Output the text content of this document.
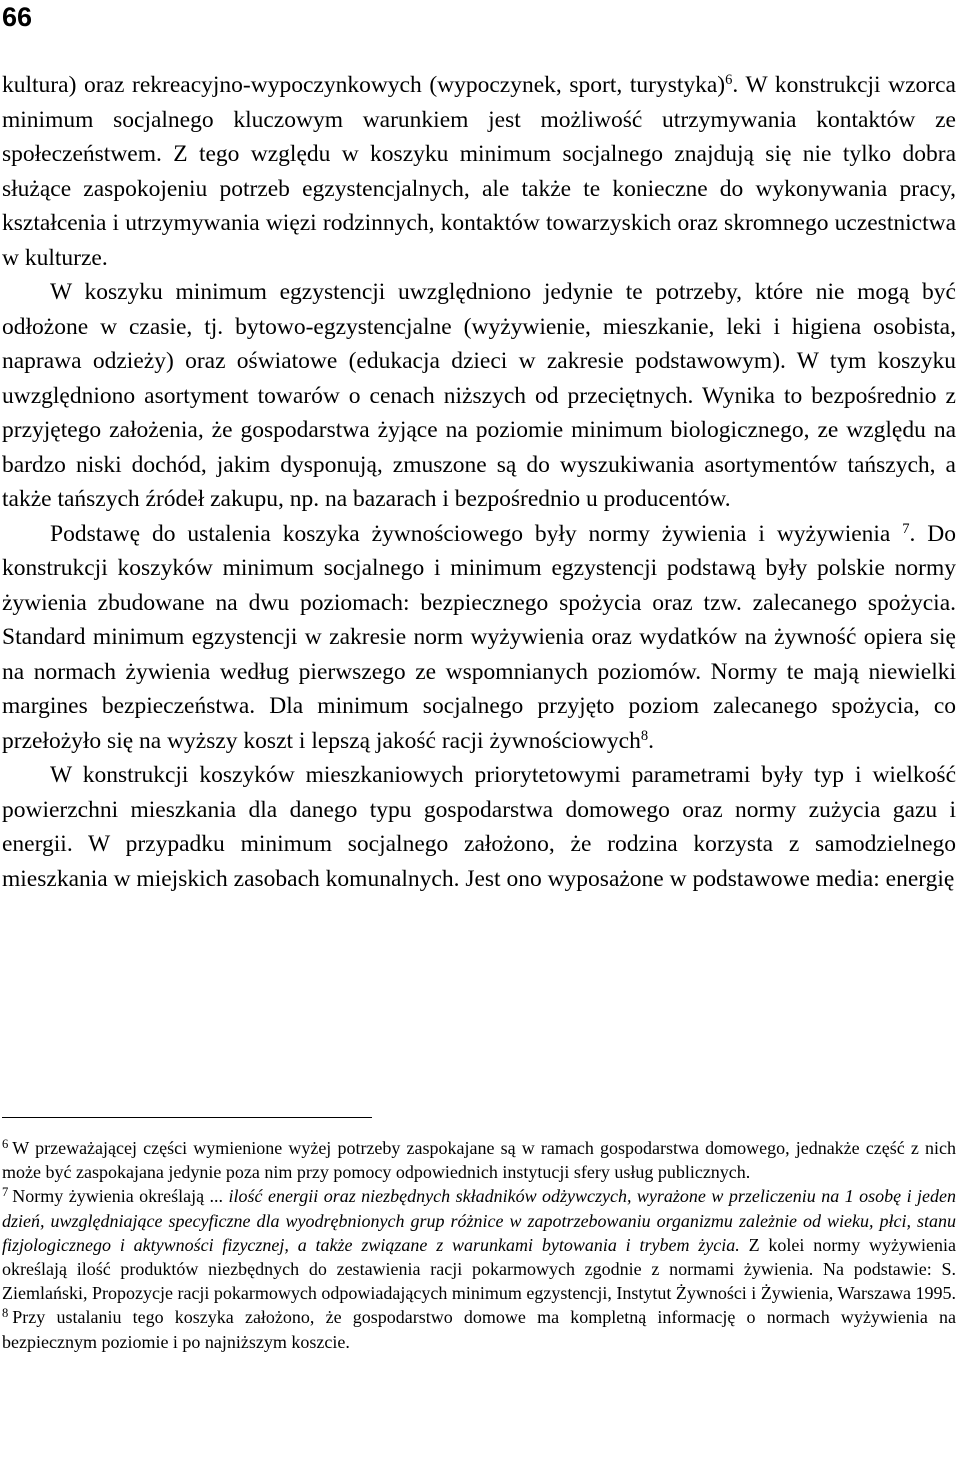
66

kultura) oraz rekreacyjno-wypoczynkowych (wypoczynek, sport, turystyka)$^6$. W konstrukcji wzorca minimum socjalnego kluczowym warunkiem jest możliwość utrzymywania kontaktów ze społeczeństwem. Z tego względu w koszyku minimum socjalnego znajdują się nie tylko dobra służące zaspokojeniu potrzeb egzystencjalnych, ale także te konieczne do wykonywania pracy, kształcenia i utrzymywania więzi rodzinnych, kontaktów towarzyskich oraz skromnego uczestnictwa w kulturze.

W koszyku minimum egzystencji uwzględniono jedynie te potrzeby, które nie mogą być odłożone w czasie, tj. bytowo-egzystencjalne (wyżywienie, mieszkanie, leki i higiena osobista, naprawa odzieży) oraz oświatowe (edukacja dzieci w zakresie podstawowym). W tym koszyku uwzględniono asortyment towarów o cenach niższych od przeciętnych. Wynika to bezpośrednio z przyjętego założenia, że gospodarstwa żyjące na poziomie minimum biologicznego, ze względu na bardzo niski dochód, jakim dysponują, zmuszone są do wyszukiwania asortymentów tańszych, a także tańszych źródeł zakupu, np. na bazarach i bezpośrednio u producentów.

Podstawę do ustalenia koszyka żywnościowego były normy żywienia i wyżywienia $^7$. Do konstrukcji koszyków minimum socjalnego i minimum egzystencji podstawą były polskie normy żywienia zbudowane na dwu poziomach: bezpiecznego spożycia oraz tzw. zalecanego spożycia. Standard minimum egzystencji w zakresie norm wyżywienia oraz wydatków na żywność opiera się na normach żywienia według pierwszego ze wspomnianych poziomów. Normy te mają niewielki margines bezpieczeństwa. Dla minimum socjalnego przyjęto poziom zalecanego spożycia, co przełożyło się na wyższy koszt i lepszą jakość racji żywnościowych$^8$.

W konstrukcji koszyków mieszkaniowych priorytetowymi parametrami były typ i wielkość powierzchni mieszkania dla danego typu gospodarstwa domowego oraz normy zużycia gazu i energii. W przypadku minimum socjalnego założono, że rodzina korzysta z samodzielnego mieszkania w miejskich zasobach komunalnych. Jest ono wyposażone w podstawowe media: energię

$^6$ W przeważającej części wymienione wyżej potrzeby zaspokajane są w ramach gospodarstwa domowego, jednakże część z nich może być zaspokajana jedynie poza nim przy pomocy odpowiednich instytucji sfery usług publicznych.

$^7$ Normy żywienia określają ... ilość energii oraz niezbędnych składników odżywczych, wyrażone w przeliczeniu na 1 osobę i jeden dzień, uwzględniające specyficzne dla wyodrębnionych grup różnice w zapotrzebowaniu organizmu zależnie od wieku, płci, stanu fizjologicznego i aktywności fizycznej, a także związane z warunkami bytowania i trybem życia. Z kolei normy wyżywienia określają ilość produktów niezbędnych do zestawienia racji pokarmowych zgodnie z normami żywienia. Na podstawie: S. Ziemlański, Propozycje racji pokarmowych odpowiadających minimum egzystencji, Instytut Żywności i Żywienia, Warszawa 1995.

$^8$ Przy ustalaniu tego koszyka założono, że gospodarstwo domowe ma kompletną informację o normach wyżywienia na bezpiecznym poziomie i po najniższym koszcie.
